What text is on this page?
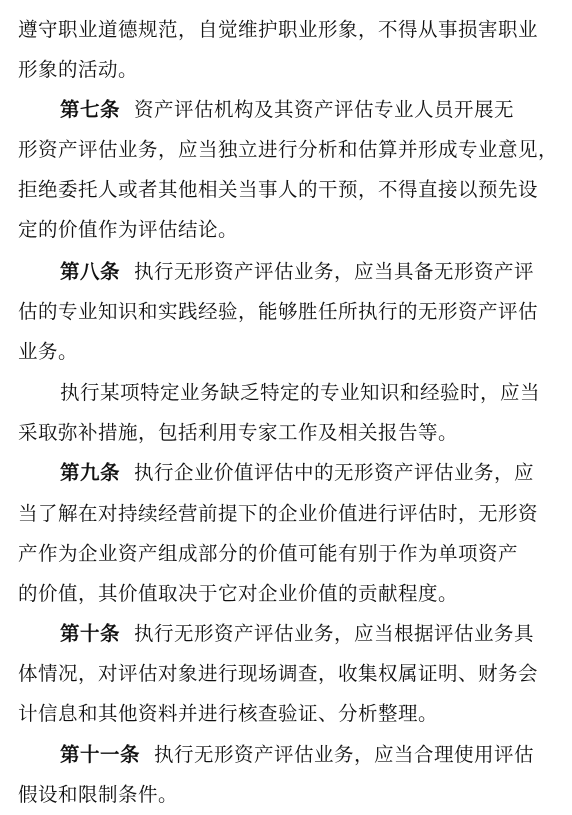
遵守职业道德规范，自觉维护职业形象，不得从事损害职业
形象的活动。
第七条 资产评估机构及其资产评估专业人员开展无
形资产评估业务，应当独立进行分析和估算并形成专业意见，
拒绝委托人或者其他相关当事人的干预，不得直接以预先设
定的价值作为评估结论。
第八条 执行无形资产评估业务，应当具备无形资产评
估的专业知识和实践经验，能够胜任所执行的无形资产评估
业务。
执行某项特定业务缺乏特定的专业知识和经验时，应当
采取弥补措施，包括利用专家工作及相关报告等。
第九条 执行企业价值评估中的无形资产评估业务，应
当了解在对持续经营前提下的企业价值进行评估时，无形资
产作为企业资产组成部分的价值可能有别于作为单项资产
的价值，其价值取决于它对企业价值的贡献程度。
第十条 执行无形资产评估业务，应当根据评估业务具
体情况，对评估对象进行现场调查，收集权属证明、财务会
计信息和其他资料并进行核查验证、分析整理。
第十一条 执行无形资产评估业务，应当合理使用评估
假设和限制条件。
